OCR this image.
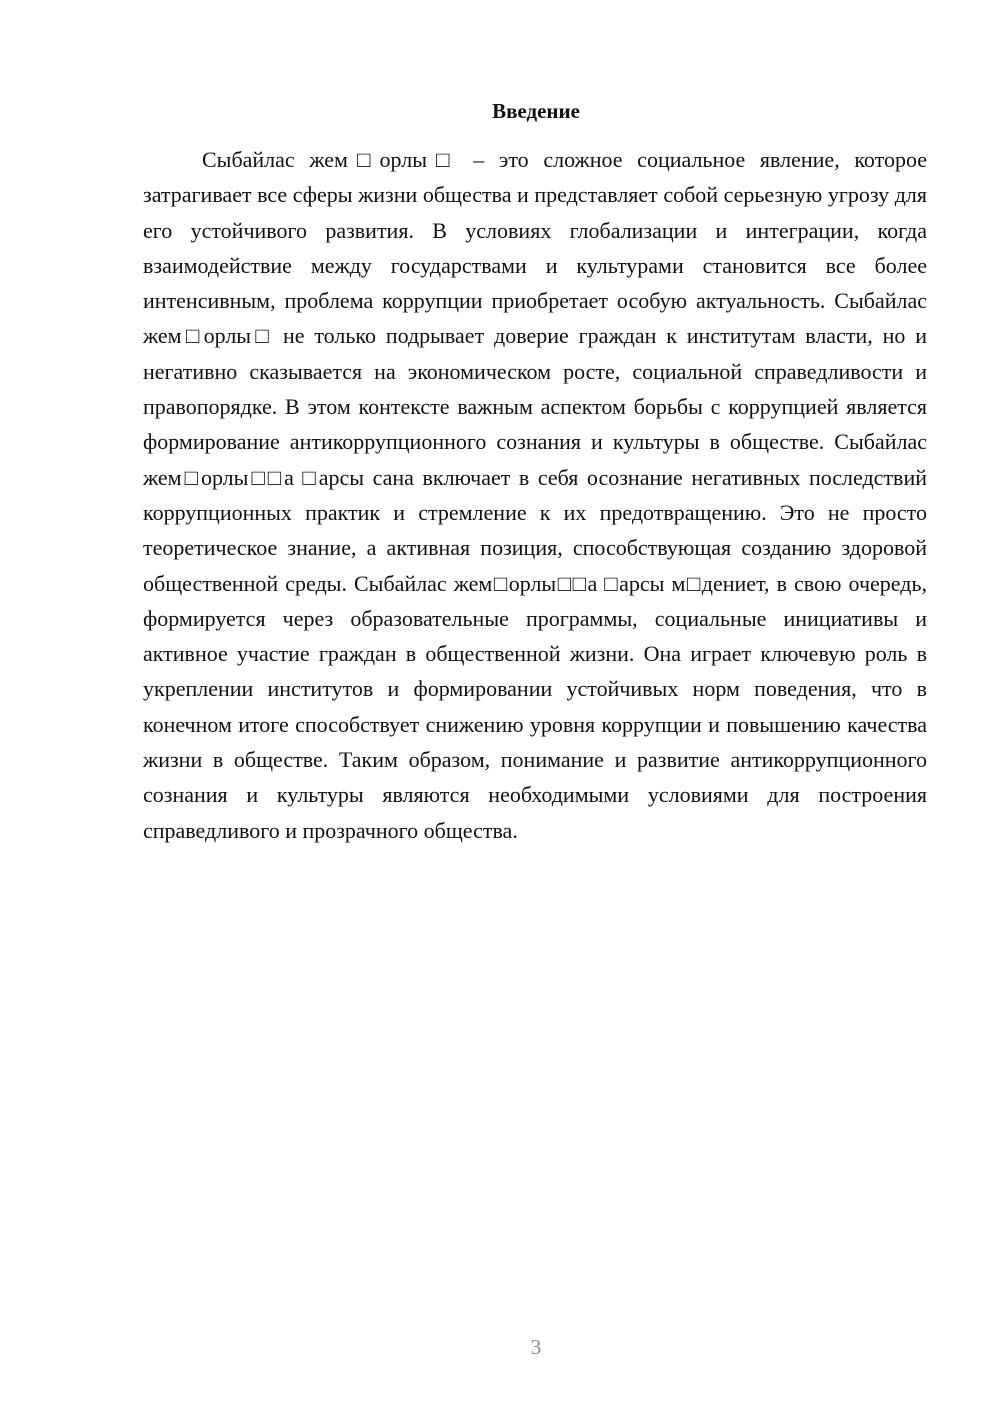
Введение

Сыбайлас жем□орлы□ – это сложное социальное явление, которое затрагивает все сферы жизни общества и представляет собой серьезную угрозу для его устойчивого развития. В условиях глобализации и интеграции, когда взаимодействие между государствами и культурами становится все более интенсивным, проблема коррупции приобретает особую актуальность. Сыбайлас жем□орлы□ не только подрывает доверие граждан к институтам власти, но и негативно сказывается на экономическом росте, социальной справедливости и правопорядке. В этом контексте важным аспектом борьбы с коррупцией является формирование антикоррупционного сознания и культуры в обществе. Сыбайлас жем□орлы□□а □арсы сана включает в себя осознание негативных последствий коррупционных практик и стремление к их предотвращению. Это не просто теоретическое знание, а активная позиция, способствующая созданию здоровой общественной среды. Сыбайлас жем□орлы□□а □арсы м□дениет, в свою очередь, формируется через образовательные программы, социальные инициативы и активное участие граждан в общественной жизни. Она играет ключевую роль в укреплении институтов и формировании устойчивых норм поведения, что в конечном итоге способствует снижению уровня коррупции и повышению качества жизни в обществе. Таким образом, понимание и развитие антикоррупционного сознания и культуры являются необходимыми условиями для построения справедливого и прозрачного общества.

3
